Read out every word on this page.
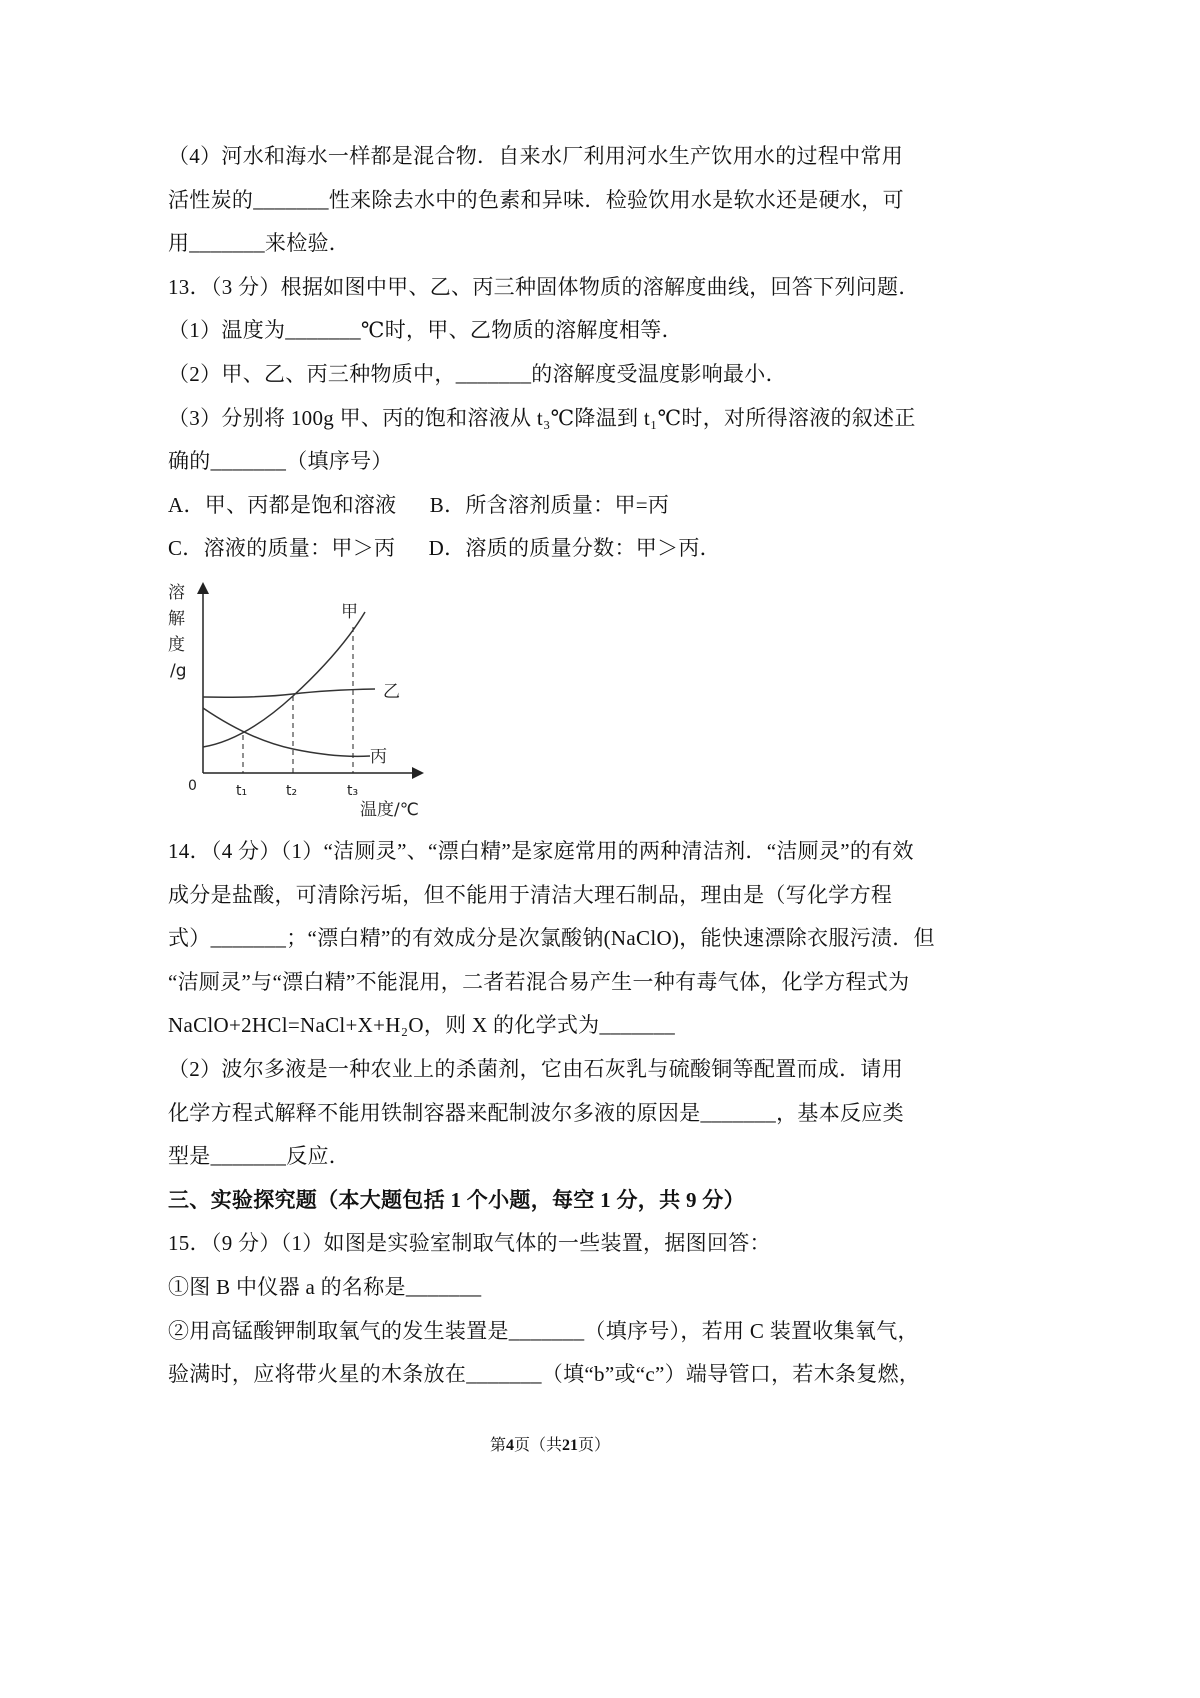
（4）河水和海水一样都是混合物．自来水厂利用河水生产饮用水的过程中常用
活性炭的_______性来除去水中的色素和异味．检验饮用水是软水还是硬水，可
用_______来检验．
13．（3 分）根据如图中甲、乙、丙三种固体物质的溶解度曲线，回答下列问题．
（1）温度为_______℃时，甲、乙物质的溶解度相等．
（2）甲、乙、丙三种物质中，_______的溶解度受温度影响最小．
（3）分别将 100g 甲、丙的饱和溶液从 t₃℃降温到 t₁℃时，对所得溶液的叙述正
确的_______（填序号）
A．甲、丙都是饱和溶液      B．所含溶剂质量：甲=丙
C．溶液的质量：甲＞丙      D．溶质的质量分数：甲＞丙．
溶
解
度
/g
甲
乙
丙
0	t₁	t₂	t₃
温度/℃
14．（4 分）（1）“洁厕灵”、“漂白精”是家庭常用的两种清洁剂．“洁厕灵”的有效
成分是盐酸，可清除污垢，但不能用于清洁大理石制品，理由是（写化学方程
式）_______；“漂白精”的有效成分是次氯酸钠(NaClO)，能快速漂除衣服污渍．但
“洁厕灵”与“漂白精”不能混用，二者若混合易产生一种有毒气体，化学方程式为
NaClO+2HCl=NaCl+X+H₂O，则 X 的化学式为_______
（2）波尔多液是一种农业上的杀菌剂，它由石灰乳与硫酸铜等配置而成．请用
化学方程式解释不能用铁制容器来配制波尔多液的原因是_______，基本反应类
型是_______反应．
三、实验探究题（本大题包括 1 个小题，每空 1 分，共 9 分）
15．（9 分）（1）如图是实验室制取气体的一些装置，据图回答：
①图 B 中仪器 a 的名称是_______
②用高锰酸钾制取氧气的发生装置是_______（填序号），若用 C 装置收集氧气，
验满时，应将带火星的木条放在_______（填“b”或“c”）端导管口，若木条复燃，
第4页（共21页）
